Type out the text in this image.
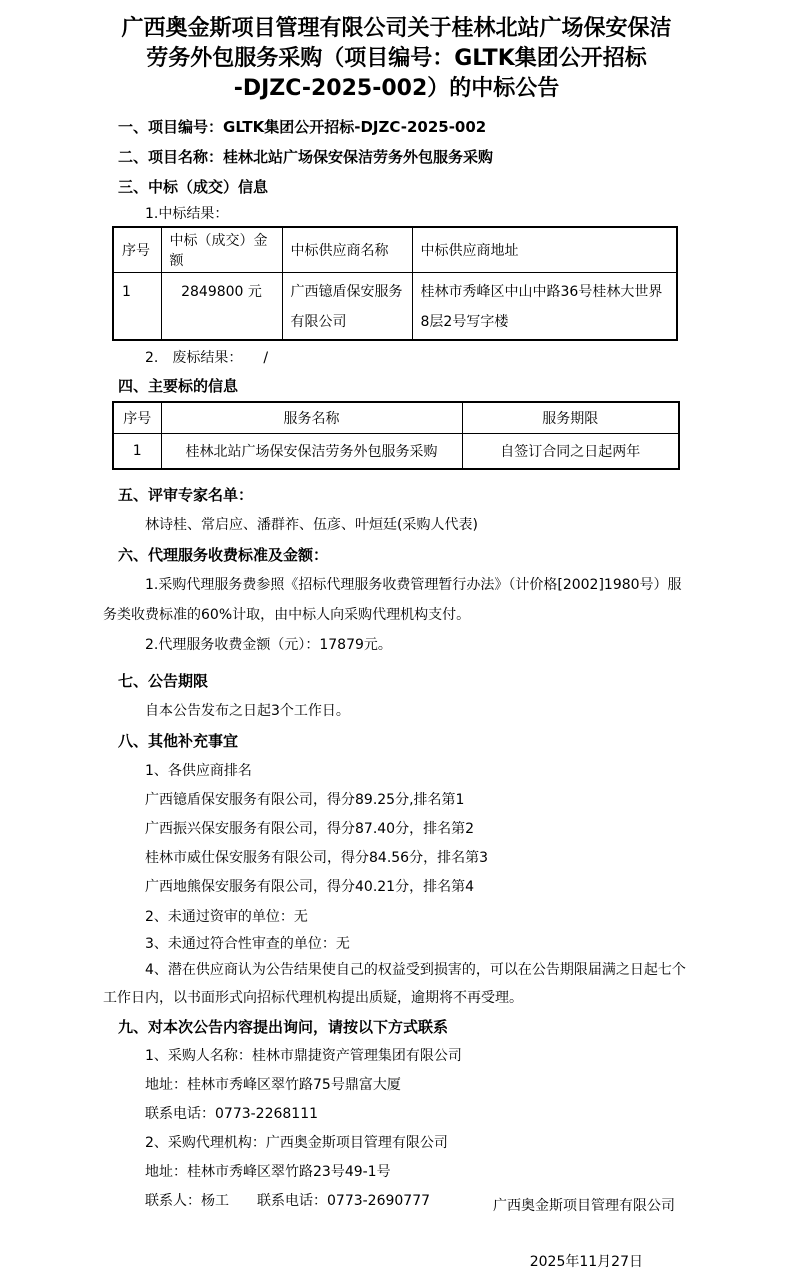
广西奥金斯项目管理有限公司关于桂林北站广场保安保洁

劳务外包服务采购（项目编号：GLTK集团公开招标

-DJZC-2025-002）的中标公告

一、项目编号：GLTK集团公开招标-DJZC-2025-002

二、项目名称：桂林北站广场保安保洁劳务外包服务采购

三、中标（成交）信息

1.中标结果：

序号	中标（成交）金额	中标供应商名称	中标供应商地址
1	2849800 元	广西镱盾保安服务有限公司	桂林市秀峰区中山中路36号桂林大世界8层2号写字楼

2.　废标结果：　　/

四、主要标的信息

序号	服务名称	服务期限
1	桂林北站广场保安保洁劳务外包服务采购	自签订合同之日起两年

五、评审专家名单：

林诗桂、常启应、潘群祚、伍彦、叶烜廷(采购人代表)

六、代理服务收费标准及金额：

1.采购代理服务费参照《招标代理服务收费管理暂行办法》（计价格[2002]1980号）服务类收费标准的60%计取，由中标人向采购代理机构支付。

2.代理服务收费金额（元）：17879元。

七、公告期限

自本公告发布之日起3个工作日。

八、其他补充事宜

1、各供应商排名

广西镱盾保安服务有限公司，得分89.25分,排名第1

广西振兴保安服务有限公司，得分87.40分，排名第2

桂林市威仕保安服务有限公司，得分84.56分，排名第3

广西地熊保安服务有限公司，得分40.21分，排名第4

2、未通过资审的单位：无

3、未通过符合性审查的单位：无

4、潜在供应商认为公告结果使自己的权益受到损害的，可以在公告期限届满之日起七个工作日内，以书面形式向招标代理机构提出质疑，逾期将不再受理。

九、对本次公告内容提出询问，请按以下方式联系

1、采购人名称：桂林市鼎捷资产管理集团有限公司

地址：桂林市秀峰区翠竹路75号鼎富大厦

联系电话：0773-2268111

2、采购代理机构：广西奥金斯项目管理有限公司

地址：桂林市秀峰区翠竹路23号49-1号

联系人：杨工 联系电话：0773-2690777	广西奥金斯项目管理有限公司
2025年11月27日
